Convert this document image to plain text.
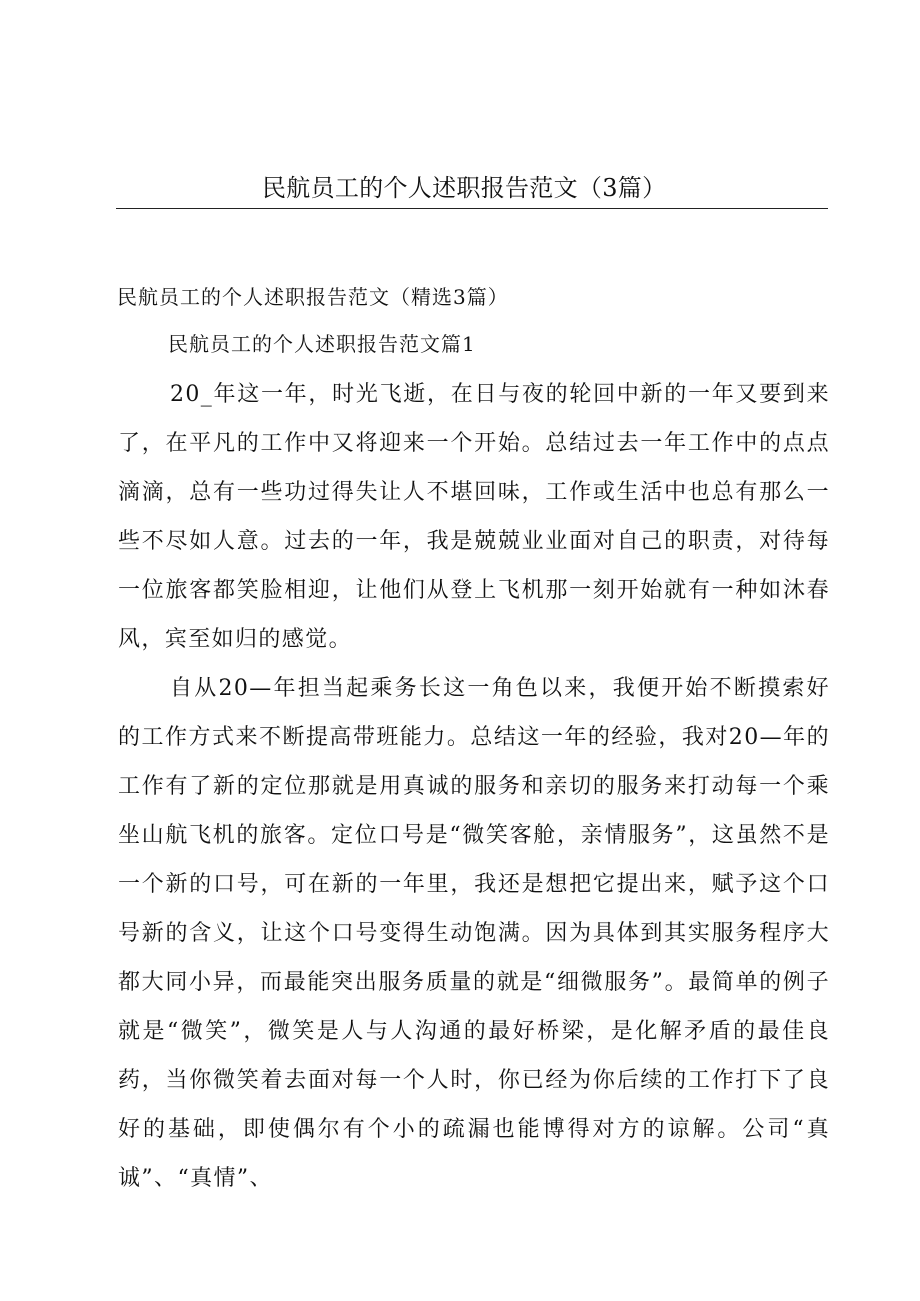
民航员工的个人述职报告范文（3篇）
民航员工的个人述职报告范文（精选3篇）
民航员工的个人述职报告范文篇1

20_年这一年，时光飞逝，在日与夜的轮回中新的一年又要到来了，在平凡的工作中又将迎来一个开始。总结过去一年工作中的点点滴滴，总有一些功过得失让人不堪回味，工作或生活中也总有那么一些不尽如人意。过去的一年，我是兢兢业业面对自己的职责，对待每一位旅客都笑脸相迎，让他们从登上飞机那一刻开始就有一种如沐春风，宾至如归的感觉。

自从20—年担当起乘务长这一角色以来，我便开始不断摸索好的工作方式来不断提高带班能力。总结这一年的经验，我对20—年的工作有了新的定位那就是用真诚的服务和亲切的服务来打动每一个乘坐山航飞机的旅客。定位口号是“微笑客舱，亲情服务”，这虽然不是一个新的口号，可在新的一年里，我还是想把它提出来，赋予这个口号新的含义，让这个口号变得生动饱满。因为具体到其实服务程序大都大同小异，而最能突出服务质量的就是“细微服务”。最简单的例子就是“微笑”，微笑是人与人沟通的最好桥梁，是化解矛盾的最佳良药，当你微笑着去面对每一个人时，你已经为你后续的工作打下了良好的基础，即使偶尔有个小的疏漏也能博得对方的谅解。公司“真诚”、“真情”、
